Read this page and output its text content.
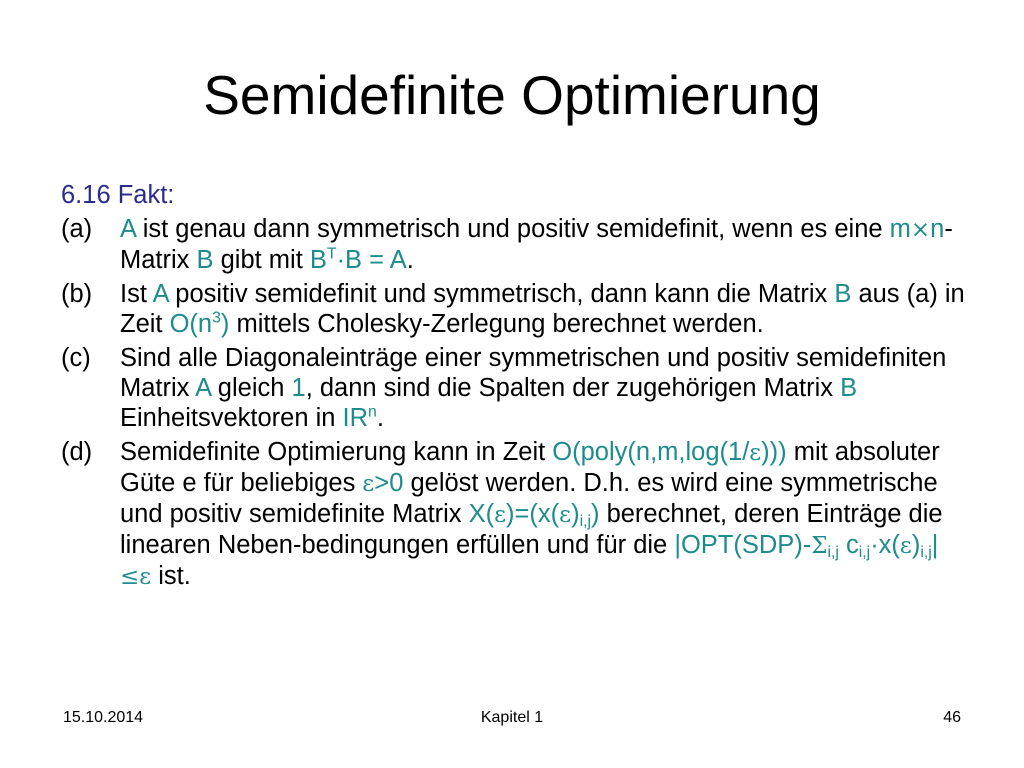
Semidefinite Optimierung
6.16 Fakt:
(a) A ist genau dann symmetrisch und positiv semidefinit, wenn es eine m×n-Matrix B gibt mit $B^T\cdot B = A$.
(b) Ist A positiv semidefinit und symmetrisch, dann kann die Matrix B aus (a) in Zeit $O(n^3)$ mittels Cholesky-Zerlegung berechnet werden.
(c) Sind alle Diagonaleinträge einer symmetrischen und positiv semidefiniten Matrix A gleich 1, dann sind die Spalten der zugehörigen Matrix B Einheitsvektoren in $IR^n$.
(d) Semidefinite Optimierung kann in Zeit O(poly(n,m,log(1/ε))) mit absoluter Güte e für beliebiges ε>0 gelöst werden. D.h. es wird eine symmetrische und positiv semidefinite Matrix $X(\varepsilon)=(x(\varepsilon)_{i,j})$ berechnet, deren Einträge die linearen Neben-bedingungen erfüllen und für die $|OPT(SDP)-\Sigma_{i,j}$ $c_{i,j}\cdot x(\varepsilon)_{i,j}| \le\varepsilon$ ist.
15.10.2014	Kapitel 1	46
